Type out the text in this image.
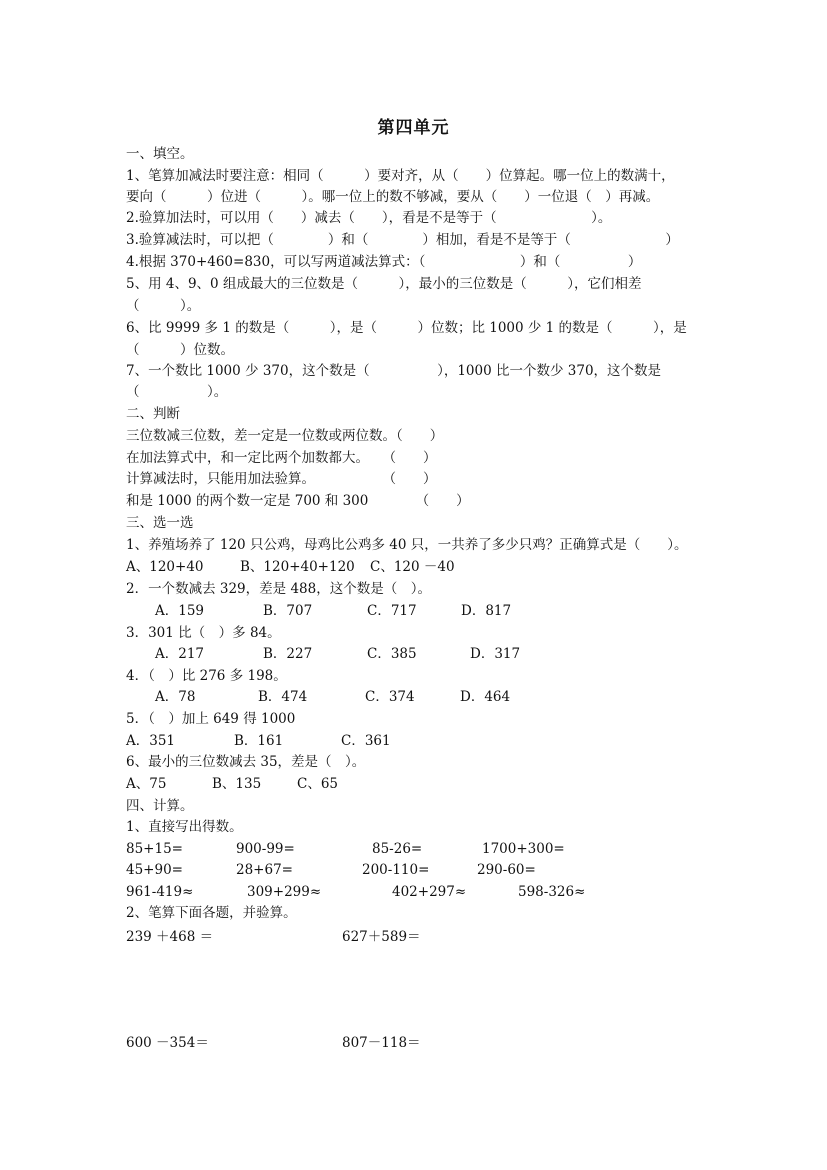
第四单元
一、填空。
1、笔算加减法时要注意：相同（　　　）要对齐，从（　　）位算起。哪一位上的数满十，
要向（　　　）位进（　　　）。哪一位上的数不够减，要从（　　）一位退（　）再减。
2.验算加法时，可以用（　　）减去（　　），看是不是等于（　　　　　　　）。
3.验算减法时，可以把（　　　　）和（　　　　）相加，看是不是等于（　　　　　　　）
4.根据 370+460=830，可以写两道减法算式：（　　　　　　　）和（　　　　　）
5、用 4、9、0 组成最大的三位数是（　　　），最小的三位数是（　　　），它们相差
（　　　）。
6、比 9999 多 1 的数是（　　　），是（　　　）位数；比 1000 少 1 的数是（　　　），是
（　　　）位数。
7、一个数比 1000 少 370，这个数是（　　　　　），1000 比一个数少 370，这个数是
（　　　　　）。
二、判断
三位数减三位数，差一定是一位数或两位数。（　　）
在加法算式中，和一定比两个加数都大。　　（　　）
计算减法时，只能用加法验算。　　　　　　（　　）
和是 1000 的两个数一定是 700 和 300　　　　（　　）
三、选一选
1、养殖场养了 120 只公鸡，母鸡比公鸡多 40 只，一共养了多少只鸡？正确算式是（　　）。
A、120+40	B、120+40+120 C、120 －40
2．一个数减去 329，差是 488，这个数是（　）。
A．159	B．707	C．717	D．817
3．301 比（　）多 84。
A．217	B．227	C．385	D．317
4．（　）比 276 多 198。
A．78	B．474	C．374	D．464
5．（　）加上 649 得 1000
A．351	B．161	C．361
6、最小的三位数减去 35，差是（　）。
A、75	B、135	C、65
四、计算。
1、直接写出得数。
85+15=	900-99=	85-26=	1700+300=
45+90=	28+67=	200-110=	290-60=
961-419≈	309+299≈	402+297≈	598-326≈
2、笔算下面各题，并验算。
239 ＋468 ＝	627＋589＝
600 －354＝	807－118＝
